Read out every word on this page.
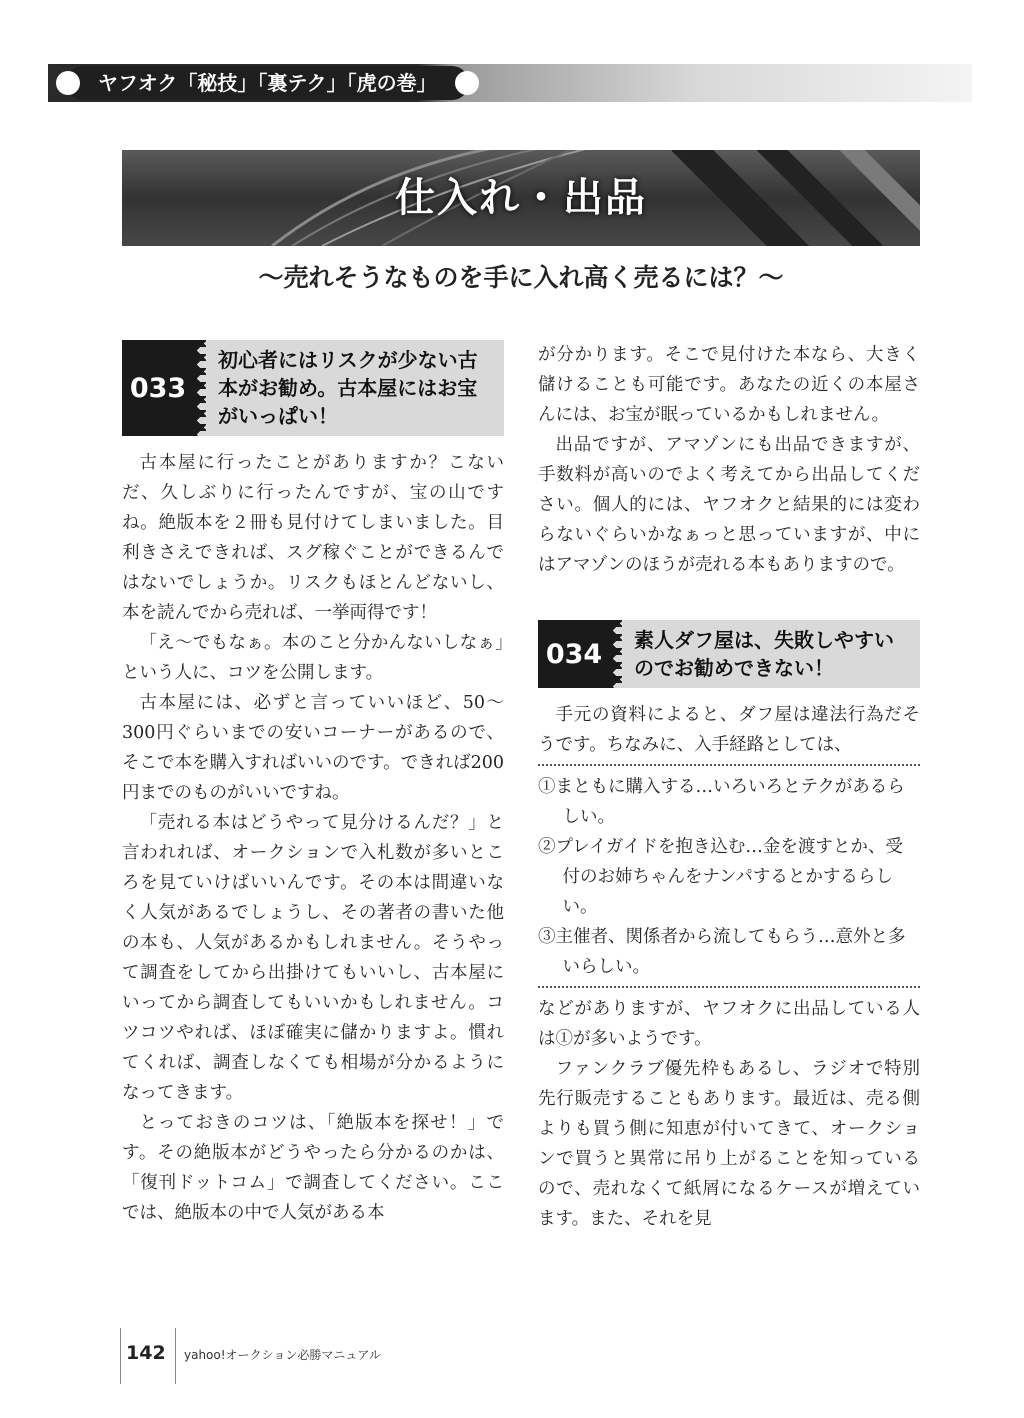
ヤフオク「秘技」「裏テク」「虎の巻」
仕入れ・出品
〜売れそうなものを手に入れ高く売るには？〜
033
初心者にはリスクが少ない古
本がお勧め。古本屋にはお宝
がいっぱい！

古本屋に行ったことがありますか？こないだ、久しぶりに行ったんですが、宝の山ですね。絶版本を２冊も見付けてしまいました。目利きさえできれば、スグ稼ぐことができるんではないでしょうか。リスクもほとんどないし、本を読んでから売れば、一挙両得です！

「え〜でもなぁ。本のこと分かんないしなぁ」という人に、コツを公開します。

古本屋には、必ずと言っていいほど、50〜300円ぐらいまでの安いコーナーがあるので、そこで本を購入すればいいのです。できれば200円までのものがいいですね。

「売れる本はどうやって見分けるんだ？」と言われれば、オークションで入札数が多いところを見ていけばいいんです。その本は間違いなく人気があるでしょうし、その著者の書いた他の本も、人気があるかもしれません。そうやって調査をしてから出掛けてもいいし、古本屋にいってから調査してもいいかもしれません。コツコツやれば、ほぼ確実に儲かりますよ。慣れてくれば、調査しなくても相場が分かるようになってきます。

とっておきのコツは、「絶版本を探せ！」です。その絶版本がどうやったら分かるのかは、「復刊ドットコム」で調査してください。ここでは、絶版本の中で人気がある本

が分かります。そこで見付けた本なら、大きく儲けることも可能です。あなたの近くの本屋さんには、お宝が眠っているかもしれません。

出品ですが、アマゾンにも出品できますが、手数料が高いのでよく考えてから出品してください。個人的には、ヤフオクと結果的には変わらないぐらいかなぁっと思っていますが、中にはアマゾンのほうが売れる本もありますので。

034	素人ダフ屋は、失敗しやすい
のでお勧めできない！

手元の資料によると、ダフ屋は違法行為だそうです。ちなみに、入手経路としては、

①まともに購入する…いろいろとテクがあるらしい。
②プレイガイドを抱き込む…金を渡すとか、受付のお姉ちゃんをナンパするとかするらしい。
③主催者、関係者から流してもらう…意外と多いらしい。

などがありますが、ヤフオクに出品している人は①が多いようです。

ファンクラブ優先枠もあるし、ラジオで特別先行販売することもあります。最近は、売る側よりも買う側に知恵が付いてきて、オークションで買うと異常に吊り上がることを知っているので、売れなくて紙屑になるケースが増えています。また、それを見

142 yahoo!オークション必勝マニュアル
